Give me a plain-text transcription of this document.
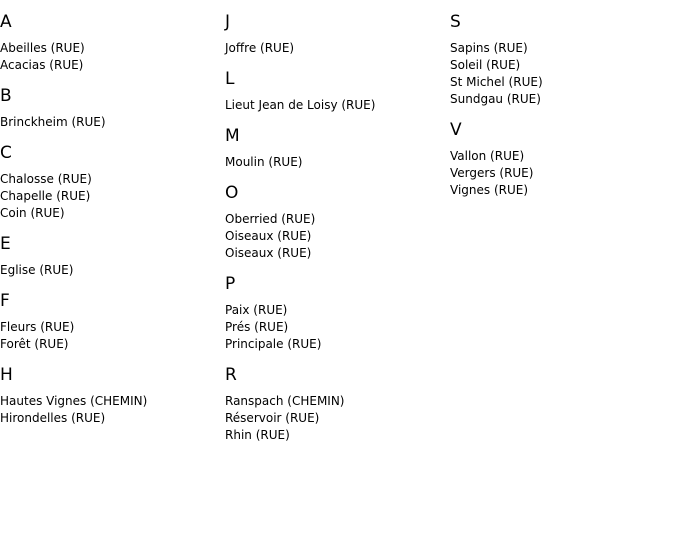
A
Abeilles (RUE)
Acacias (RUE)
B
Brinckheim (RUE)
C
Chalosse (RUE)
Chapelle (RUE)
Coin (RUE)
E
Eglise (RUE)
F
Fleurs (RUE)
Forêt (RUE)
H
Hautes Vignes (CHEMIN)
Hirondelles (RUE)
J
Joffre (RUE)
L
Lieut Jean de Loisy (RUE)
M
Moulin (RUE)
O
Oberried (RUE)
Oiseaux (RUE)
Oiseaux (RUE)
P
Paix (RUE)
Prés (RUE)
Principale (RUE)
R
Ranspach (CHEMIN)
Réservoir (RUE)
Rhin (RUE)
S
Sapins (RUE)
Soleil (RUE)
St Michel (RUE)
Sundgau (RUE)
V
Vallon (RUE)
Vergers (RUE)
Vignes (RUE)
